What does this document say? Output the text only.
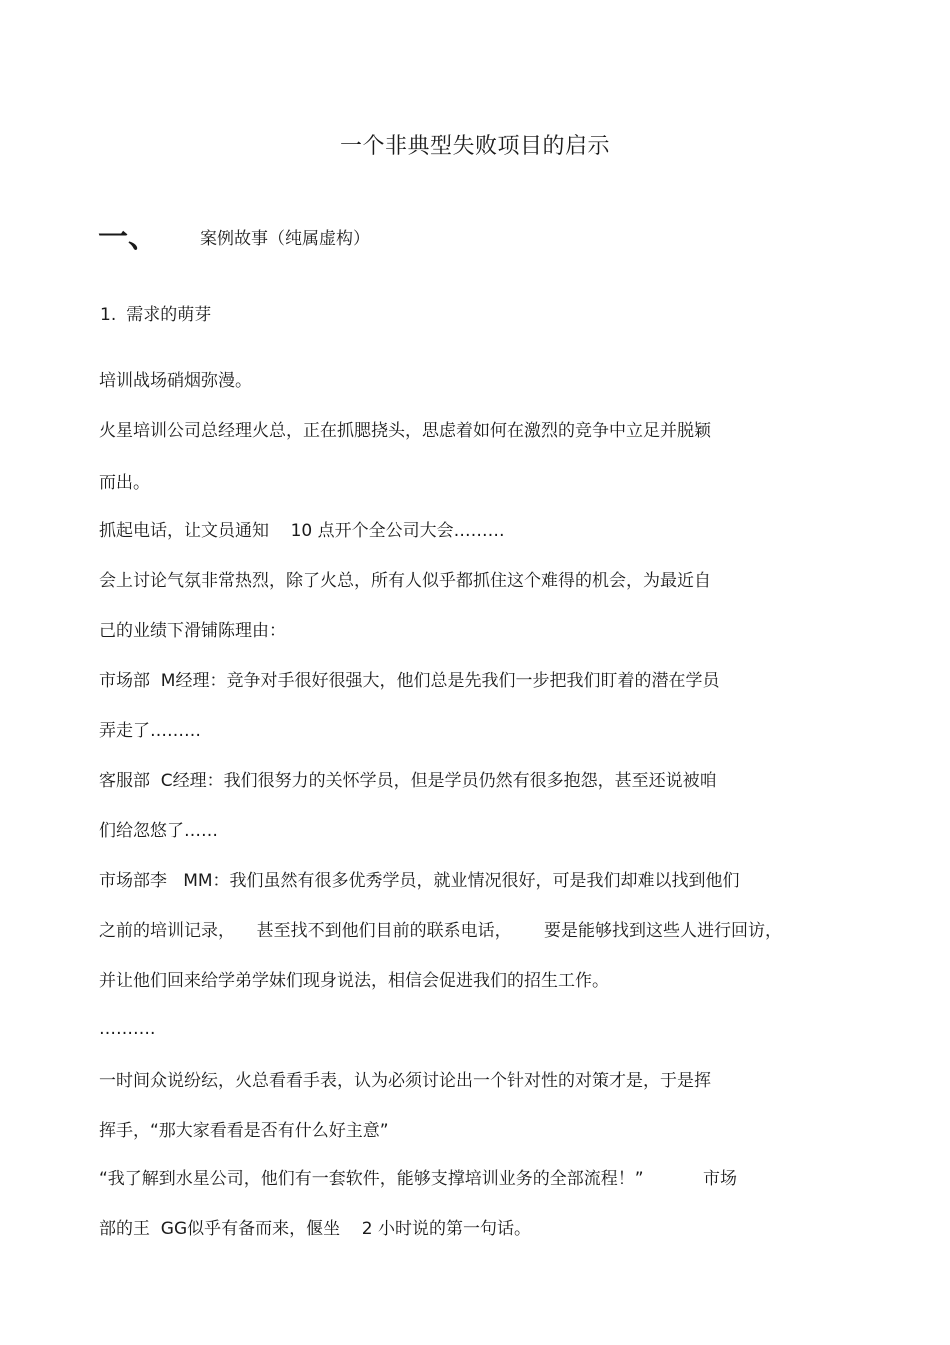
一个非典型失败项目的启示
一、 案例故事（纯属虚构）
1. 需求的萌芽
培训战场硝烟弥漫。
火星培训公司总经理火总，正在抓腮挠头，思虑着如何在激烈的竞争中立足并脱颖
而出。
抓起电话，让文员通知    10 点开个全公司大会………
会上讨论气氛非常热烈，除了火总，所有人似乎都抓住这个难得的机会，为最近自
己的业绩下滑铺陈理由：
市场部  M经理：竞争对手很好很强大，他们总是先我们一步把我们盯着的潜在学员
弄走了………
客服部  C经理：我们很努力的关怀学员，但是学员仍然有很多抱怨，甚至还说被咱
们给忽悠了……
市场部李   MM：我们虽然有很多优秀学员，就业情况很好，可是我们却难以找到他们
之前的培训记录，    甚至找不到他们目前的联系电话，      要是能够找到这些人进行回访，
并让他们回来给学弟学妹们现身说法，相信会促进我们的招生工作。
……….
一时间众说纷纭，火总看看手表，认为必须讨论出一个针对性的对策才是，于是挥
挥手，“那大家看看是否有什么好主意”
“我了解到水星公司，他们有一套软件，能够支撑培训业务的全部流程！”           市场
部的王  GG似乎有备而来，偃坐    2 小时说的第一句话。
